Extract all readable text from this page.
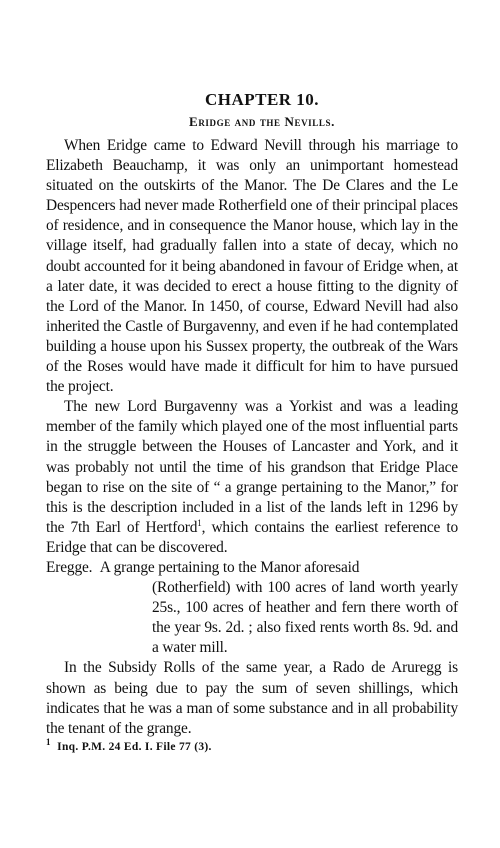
CHAPTER 10.
Eridge and the Nevills.

When Eridge came to Edward Nevill through his marriage to Elizabeth Beauchamp, it was only an unimportant homestead situated on the outskirts of the Manor. The De Clares and the Le Despencers had never made Rotherfield one of their principal places of residence, and in consequence the Manor house, which lay in the village itself, had gradually fallen into a state of decay, which no doubt accounted for it being abandoned in favour of Eridge when, at a later date, it was decided to erect a house fitting to the dignity of the Lord of the Manor. In 1450, of course, Edward Nevill had also inherited the Castle of Burgavenny, and even if he had contemplated building a house upon his Sussex property, the outbreak of the Wars of the Roses would have made it difficult for him to have pursued the project.

The new Lord Burgavenny was a Yorkist and was a leading member of the family which played one of the most influential parts in the struggle between the Houses of Lancaster and York, and it was probably not until the time of his grandson that Eridge Place began to rise on the site of “ a grange pertaining to the Manor,” for this is the description included in a list of the lands left in 1296 by the 7th Earl of Hertford$^1$, which contains the earliest reference to Eridge that can be discovered.

Eregge. A grange pertaining to the Manor aforesaid

(Rotherfield) with 100 acres of land worth yearly 25s., 100 acres of heather and fern there worth of the year 9s. 2d. ; also fixed rents worth 8s. 9d. and a water mill.

In the Subsidy Rolls of the same year, a Rado de Aruregg is shown as being due to pay the sum of seven shillings, which indicates that he was a man of some substance and in all probability the tenant of the grange.

$^1$ Inq. P.M. 24 Ed. I. File 77 (3).
